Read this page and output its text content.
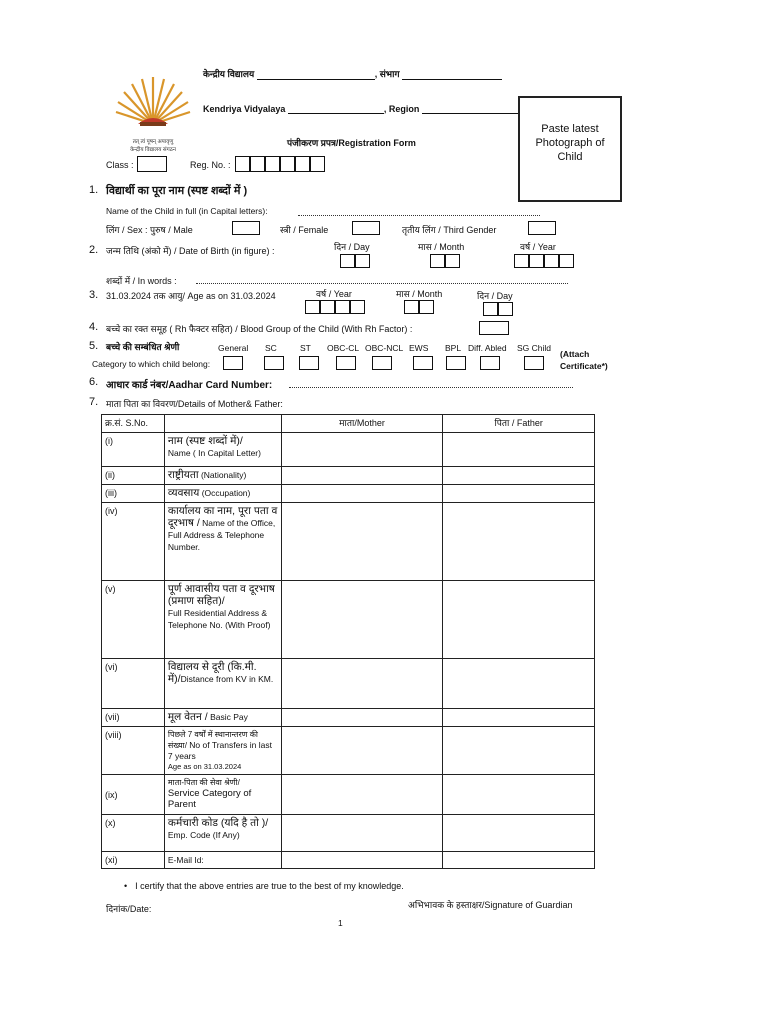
तत् त्वं पूषन् अपावृणु
केन्द्रीय विद्यालय संगठन
केन्द्रीय विद्यालय	, संभाग
Kendriya Vidyalaya	, Region
पंजीकरण प्रपत्र/Registration Form
Paste latest Photograph of Child
Class :	Reg. No. :
1. विद्यार्थी का पूरा नाम (स्पष्ट शब्दों में )
Name of the Child in full (in Capital letters):
लिंग / Sex : पुरुष / Male	स्त्री / Female	तृतीय लिंग / Third Gender
2. जन्म तिथि (अंको में) / Date of Birth (in figure) :	दिन / Day	मास / Month	वर्ष / Year
शब्दों में / In words :
3. 31.03.2024 तक आयु/ Age as on 31.03.2024	वर्ष / Year	मास / Month	दिन / Day
4. बच्चे का रक्त समूह ( Rh फैक्टर सहित) / Blood Group of the Child (With Rh Factor) :
5. बच्चे की सम्बंधित श्रेणी	General SC	ST OBC-CL OBC-NCL EWS BPL Diff. Abled SG Child
(Attach Certificate*)
Category to which child belong:
6. आधार कार्ड नंबर/Aadhar Card Number:
7. माता पिता का विवरण/Details of Mother& Father:
क्र.सं. S.No.		माता/Mother	पिता / Father
(i)	नाम (स्पष्ट शब्दों में)/
Name ( In Capital Letter)		
(ii)	राष्ट्रीयता (Nationality)		
(iii)	व्यवसाय (Occupation)		
(iv)	कार्यालय का नाम, पूरा पता व दूरभाष / Name of the Office, Full Address & Telephone Number.		
(v)	पूर्ण आवासीय पता व दूरभाष (प्रमाण सहित)/
Full Residential Address & Telephone No. (With Proof)		
(vi)	विद्यालय से दूरी (कि.मी. में)/Distance from KV in KM.		
(vii)	मूल वेतन / Basic Pay		
(viii)	पिछले 7 वर्षों में स्थानान्तरण की संख्या/ No of Transfers in last 7 years
Age as on 31.03.2024		
(ix)	माता-पिता की सेवा श्रेणी/
Service Category of Parent		
(x)	कर्मचारी कोड (यदि है तो )/ Emp. Code (If Any)		
(xi)	E-Mail Id:		
• I certify that the above entries are true to the best of my knowledge.
दिनांक/Date:	अभिभावक के हस्ताक्षर/Signature of Guardian
1
